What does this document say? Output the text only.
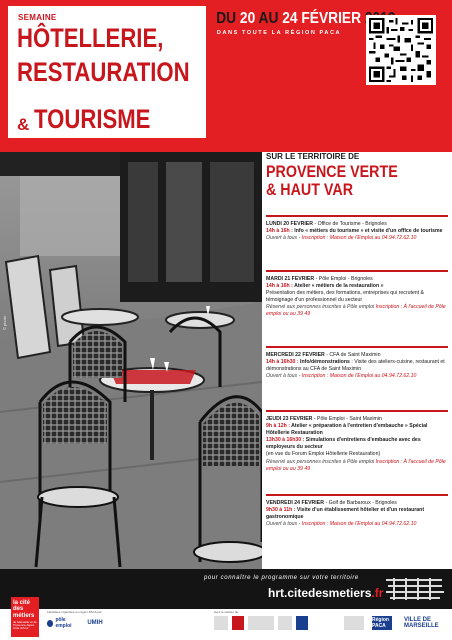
SEMAINE
HÔTELLERIE,
RESTAURATION
& TOURISME
DU 20 AU 24 FÉVRIER
DANS TOUTE LA RÉGION PACA
© photo
SUR LE TERRITOIRE DE
PROVENCE VERTE
& HAUT VAR
LUNDI 20 FÉVRIER - Office de Tourisme - Brignoles
14h à 16h : Info « métiers du tourisme » et visite d'un office de tourisme
Ouvert à tous - Inscription : Maison de l'Emploi au 04.94.72.62.10
MARDI 21 FÉVRIER - Pôle Emploi - Brignoles
14h à 16h : Atelier « métiers de la restauration »
Présentation des métiers, des formations, entreprises qui recrutent & témoignage d'un professionnel du secteur
Réservé aux personnes inscrites à Pôle emploi Inscription : À l'accueil de Pôle emploi ou au 39 49
MERCREDI 22 FÉVRIER - CFA de Saint Maximin
14h à 16h30 : Info/démonstrations : Visite des ateliers-cuisine, restaurant et démonstrations au CFA de Saint Maximin
Ouvert à tous - Inscription : Maison de l'Emploi au 04.94.72.62.10
JEUDI 23 FÉVRIER - Pôle Emploi - Saint Maximin
9h à 12h : Atelier « préparation à l'entretien d'embauche » Spécial Hôtellerie Restauration
13h30 à 16h30 : Simulations d'entretiens d'embauche avec des employeurs du secteur
(en vue du Forum Emploi Hôtellerie Restauration)
Réservé aux personnes inscrites à Pôle emploi Inscription : À l'accueil de Pôle emploi ou au 39 49
VENDREDI 24 FÉVRIER - Golf de Barbaroux - Brignoles
9h30 à 11h : Visite d'un établissement hôtelier et d'un restaurant gastronomique
Ouvert à tous - Inscription : Maison de l'Emploi au 04.94.72.62.10
pour connaître le programme sur votre territoire
hrt.citedesmetiers.fr
la cité des métiers
de Marseille et de Provence-Alpes-Côte d'Azur
Labellisée organisée en région PACA par
pôle emploi	UMIH
avec le soutien de
Région PACA
VILLE DE MARSEILLE
